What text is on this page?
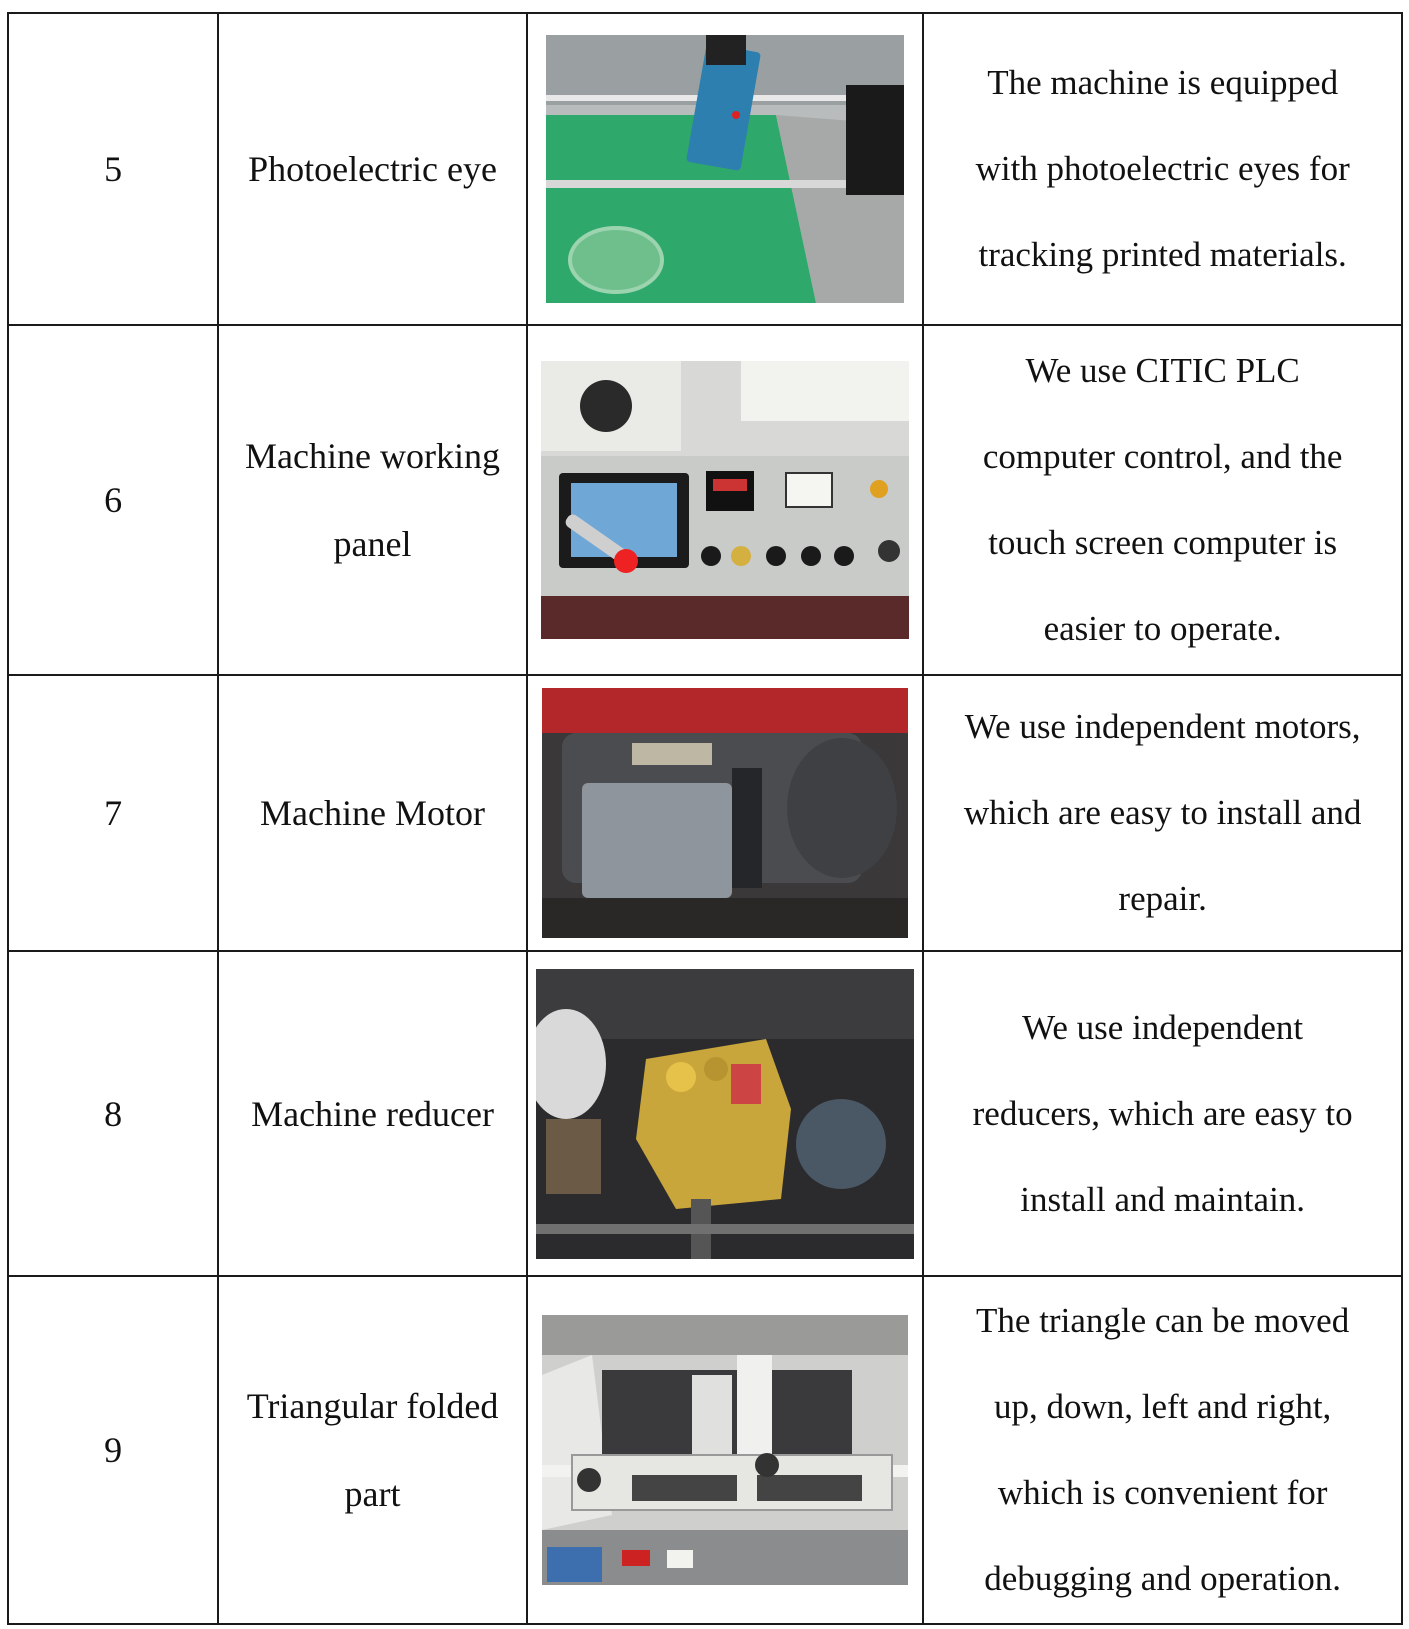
5	Photoelectric eye		The machine is equipped
with photoelectric eyes for
tracking printed materials.

6	Machine working
panel		We use CITIC PLC
computer control, and the
touch screen computer is
easier to operate.

7	Machine Motor		We use independent motors,
which are easy to install and
repair.

8	Machine reducer		We use independent
reducers, which are easy to
install and maintain.

9	Triangular folded
part		The triangle can be moved
up, down, left and right,
which is convenient for
debugging and operation.
